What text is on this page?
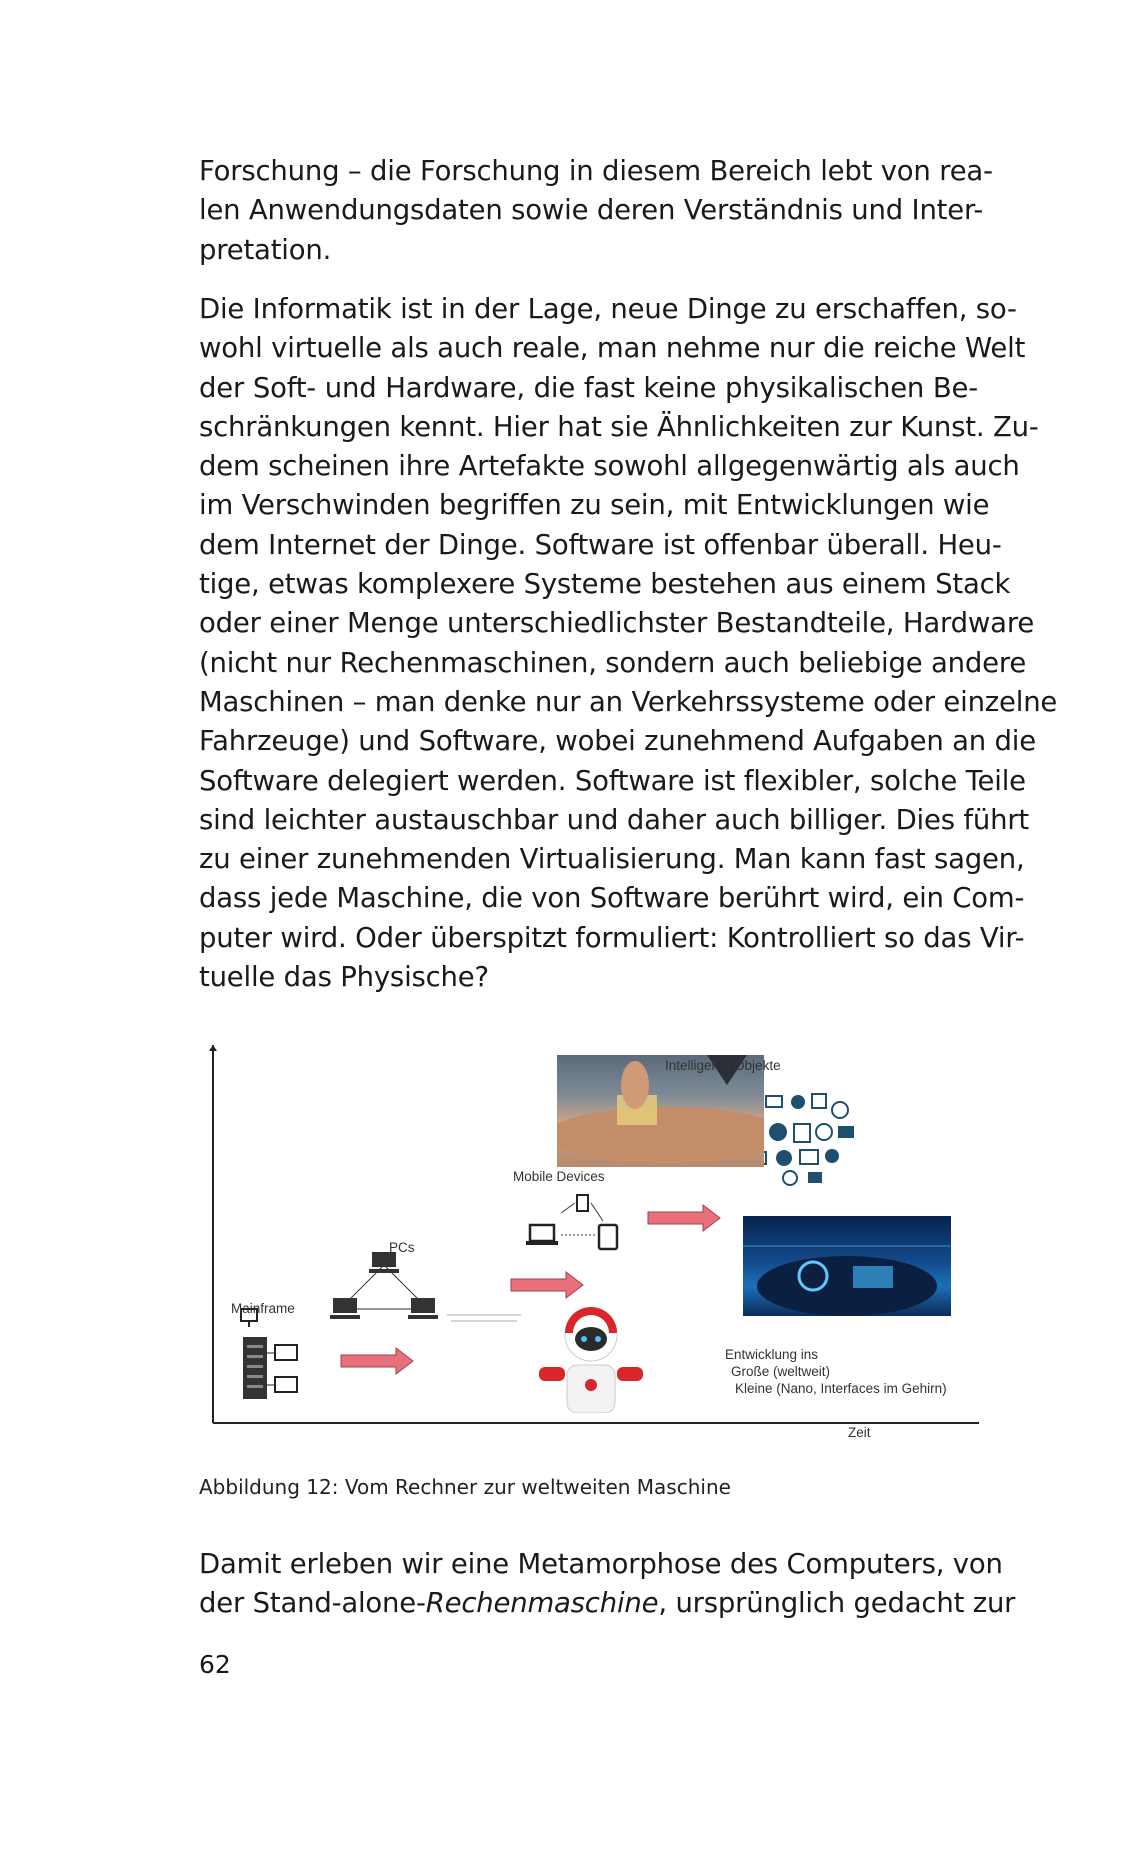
Forschung – die Forschung in diesem Bereich lebt von rea-
len Anwendungsdaten sowie deren Verständnis und Inter-
pretation.
Die Informatik ist in der Lage, neue Dinge zu erschaffen, so-
wohl virtuelle als auch reale, man nehme nur die reiche Welt
der Soft- und Hardware, die fast keine physikalischen Be-
schränkungen kennt. Hier hat sie Ähnlichkeiten zur Kunst. Zu-
dem scheinen ihre Artefakte sowohl allgegenwärtig als auch
im Verschwinden begriffen zu sein, mit Entwicklungen wie
dem Internet der Dinge. Software ist offenbar überall. Heu-
tige, etwas komplexere Systeme bestehen aus einem Stack
oder einer Menge unterschiedlichster Bestandteile, Hardware
(nicht nur Rechenmaschinen, sondern auch beliebige andere
Maschinen – man denke nur an Verkehrssysteme oder einzelne
Fahrzeuge) und Software, wobei zunehmend Aufgaben an die
Software delegiert werden. Software ist flexibler, solche Teile
sind leichter austauschbar und daher auch billiger. Dies führt
zu einer zunehmenden Virtualisierung. Man kann fast sagen,
dass jede Maschine, die von Software berührt wird, ein Com-
puter wird. Oder überspitzt formuliert: Kontrolliert so das Vir-
tuelle das Physische?
Intelligente Objekte
Mobile Devices
PCs
Mainframe
Entwicklung ins
Große (weltweit)
Kleine (Nano, Interfaces im Gehirn)
Zeit
Abbildung 12: Vom Rechner zur weltweiten Maschine
Damit erleben wir eine Metamorphose des Computers, von
der Stand-alone-Rechenmaschine, ursprünglich gedacht zur
62
